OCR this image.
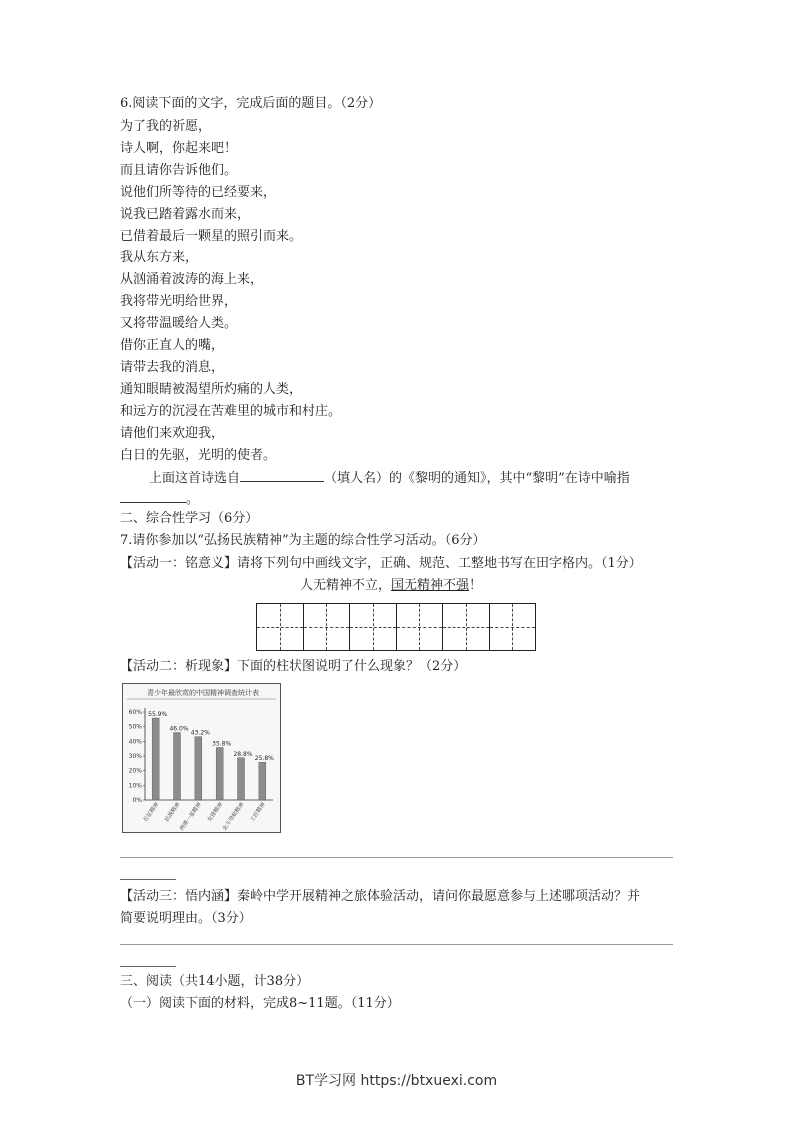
6.阅读下面的文字，完成后面的题目。（2分）
为了我的祈愿，
诗人啊，你起来吧！
而且请你告诉他们。
说他们所等待的已经要来，
说我已踏着露水而来，
已借着最后一颗星的照引而来。
我从东方来，
从汹涌着波涛的海上来，
我将带光明给世界，
又将带温暖给人类。
借你正直人的嘴，
请带去我的消息，
通知眼睛被渴望所灼痛的人类，
和远方的沉浸在苦难里的城市和村庄。
请他们来欢迎我，
白日的先驱，光明的使者。
上面这首诗选自	（填人名）的《黎明的通知》，其中“黎明”在诗中喻指
。
二、综合性学习（6分）
7.请你参加以“弘扬民族精神”为主题的综合性学习活动。（6分）
【活动一：铭意义】请将下列句中画线文字，正确、规范、工整地书写在田字格内。（1分）
人无精神不立，国无精神不强！
【活动二：析现象】下面的柱状图说明了什么现象？（2分）
青少年最欣赏的中国精神调查统计表
0%
10%
20%
30%
40%
50%
60% 55.9%
长征精神
46.0%
抗战精神
43.2%
两弹一星精神
35.8%
女排精神
28.8%
北斗导航精神
25.8%
工匠精神
【活动三：悟内涵】秦岭中学开展精神之旅体验活动，请问你最愿意参与上述哪项活动？并
简要说明理由。（3分）
三、阅读（共14小题，计38分）
（一）阅读下面的材料，完成8~11题。（11分）
BT学习网 https://btxuexi.com
